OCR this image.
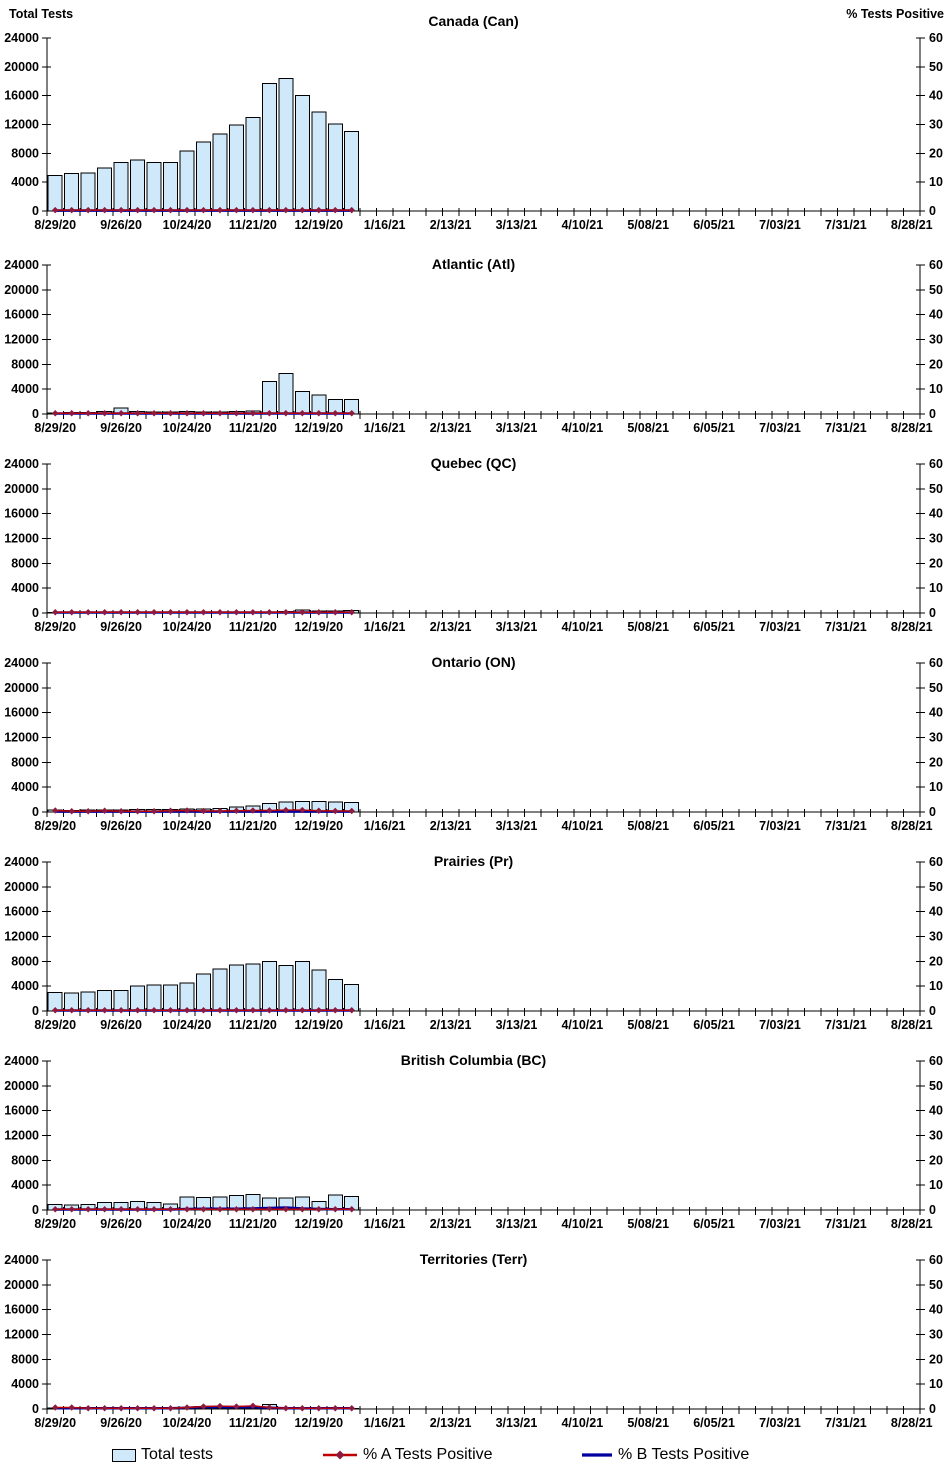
Total Tests	% Tests Positive
Canada (Can)
0
4000
8000
12000
16000
20000
24000
0
10
20
30
40
50
60
8/29/20 9/26/20 10/24/20 11/21/20 12/19/20 1/16/21 2/13/21 3/13/21 4/10/21 5/08/21 6/05/21 7/03/21 7/31/21 8/28/21
Atlantic (Atl)
0
4000
8000
12000
16000
20000
24000
0
10
20
30
40
50
60
8/29/20 9/26/20 10/24/20 11/21/20 12/19/20 1/16/21 2/13/21 3/13/21 4/10/21 5/08/21 6/05/21 7/03/21 7/31/21 8/28/21
Quebec (QC)
0
4000
8000
12000
16000
20000
24000
0
10
20
30
40
50
60
8/29/20 9/26/20 10/24/20 11/21/20 12/19/20 1/16/21 2/13/21 3/13/21 4/10/21 5/08/21 6/05/21 7/03/21 7/31/21 8/28/21
Ontario (ON)
0
4000
8000
12000
16000
20000
24000
0
10
20
30
40
50
60
8/29/20 9/26/20 10/24/20 11/21/20 12/19/20 1/16/21 2/13/21 3/13/21 4/10/21 5/08/21 6/05/21 7/03/21 7/31/21 8/28/21
Prairies (Pr)
0
4000
8000
12000
16000
20000
24000
0
10
20
30
40
50
60
8/29/20 9/26/20 10/24/20 11/21/20 12/19/20 1/16/21 2/13/21 3/13/21 4/10/21 5/08/21 6/05/21 7/03/21 7/31/21 8/28/21
British Columbia (BC)
0
4000
8000
12000
16000
20000
24000
0
10
20
30
40
50
60
8/29/20 9/26/20 10/24/20 11/21/20 12/19/20 1/16/21 2/13/21 3/13/21 4/10/21 5/08/21 6/05/21 7/03/21 7/31/21 8/28/21
Territories (Terr)
0
4000
8000
12000
16000
20000
24000
0
10
20
30
40
50
60
8/29/20 9/26/20 10/24/20 11/21/20 12/19/20 1/16/21 2/13/21 3/13/21 4/10/21 5/08/21 6/05/21 7/03/21 7/31/21 8/28/21
Total tests	% A Tests Positive	% B Tests Positive
